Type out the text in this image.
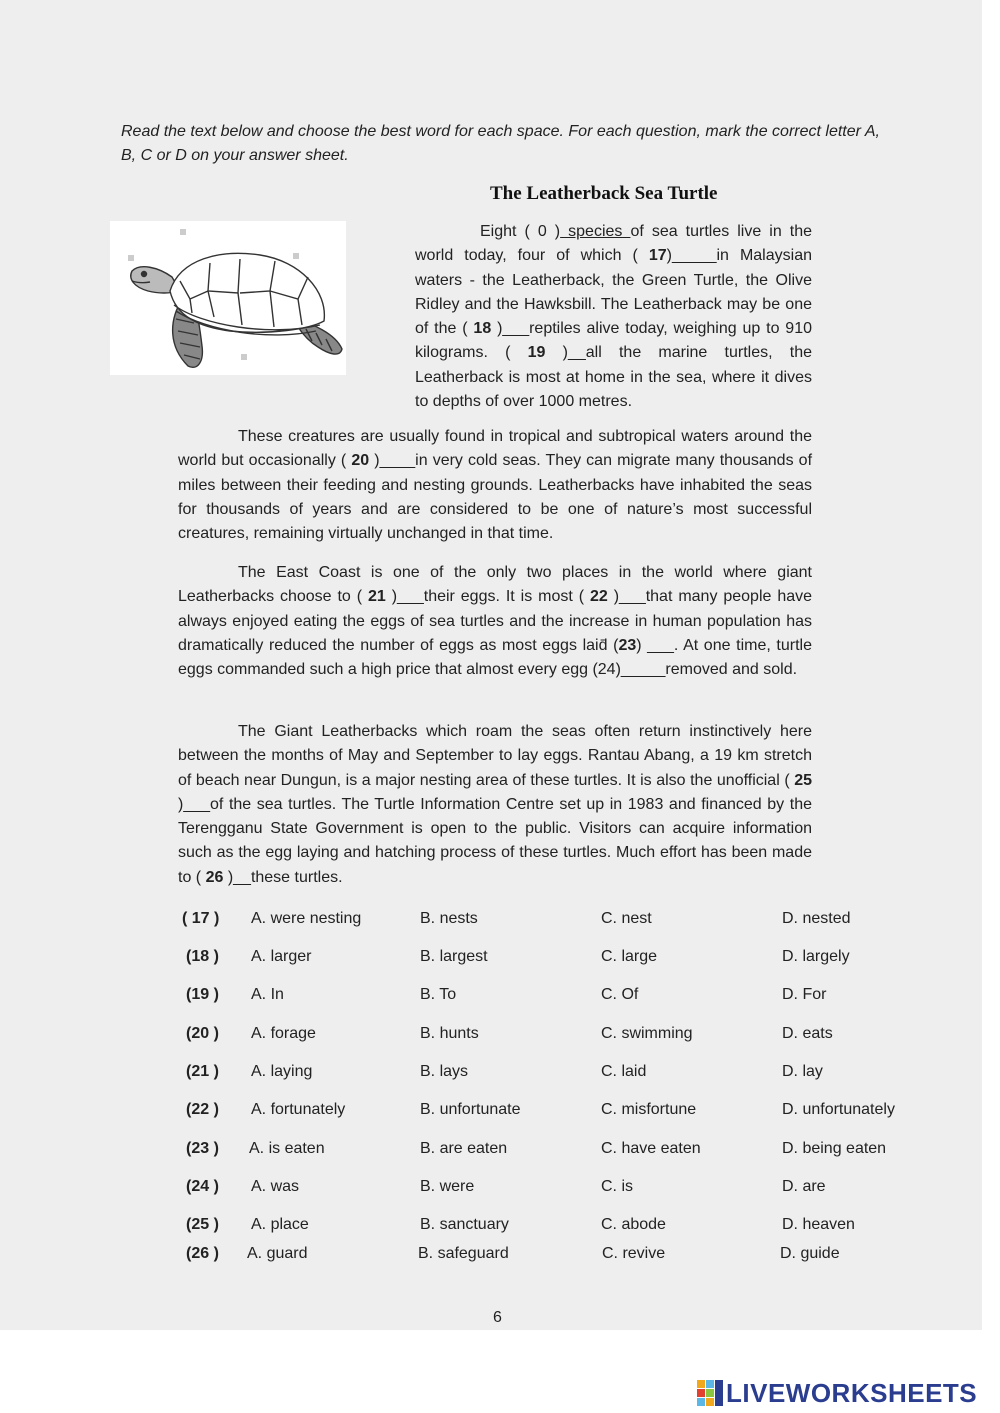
Read the text below and choose the best word for each space. For each question, mark the correct letter A, B, C or D on your answer sheet.
The Leatherback Sea Turtle

Eight ( 0 ) species of sea turtles live in the world today, four of which ( 17)_____in Malaysian waters - the Leatherback, the Green Turtle, the Olive Ridley and the Hawksbill. The Leatherback may be one of the ( 18 )___reptiles alive today, weighing up to 910 kilograms. ( 19 )__all the marine turtles, the Leatherback is most at home in the sea, where it dives to depths of over 1000 metres.

These creatures are usually found in tropical and subtropical waters around the world but occasionally ( 20 )____in very cold seas. They can migrate many thousands of miles between their feeding and nesting grounds. Leatherbacks have inhabited the seas for thousands of years and are considered to be one of nature’s most successful creatures, remaining virtually unchanged in that time.

The East Coast is one of the only two places in the world where giant Leatherbacks choose to ( 21 )___their eggs. It is most ( 22 )___that many people have always enjoyed eating the eggs of sea turtles and the increase in human population has dramatically reduced the number of eggs as most eggs laid̄ (23) ___. At one time, turtle eggs commanded such a high price that almost every egg (24)_____removed and sold.

The Giant Leatherbacks which roam the seas often return instinctively here between the months of May and September to lay eggs. Rantau Abang, a 19 km stretch of beach near Dungun, is a major nesting area of these turtles. It is also the unofficial ( 25 )___of the sea turtles. The Turtle Information Centre set up in 1983 and financed by the Terengganu State Government is open to the public. Visitors can acquire information such as the egg laying and hatching process of these turtles. Much effort has been made to ( 26 )__these turtles.

( 17 ) A. were nesting	B. nests	C. nest	D. nested
(18 ) A. larger	B. largest	C. large	D. largely
(19 ) A. In	B. To	C. Of	D. For
(20 ) A. forage	B. hunts	C. swimming	D. eats
(21 ) A. laying	B. lays	C. laid	D. lay
(22 ) A. fortunately	B. unfortunate	C. misfortune	D. unfortunately
(23 ) A. is eaten	B. are eaten	C. have eaten	D. being eaten
(24 ) A. was	B. were	C. is	D. are
(25 ) A. place	B. sanctuary	C. abode	D. heaven
(26 ) A. guard	B. safeguard	C. revive	D. guide
6
LIVEWORKSHEETS
